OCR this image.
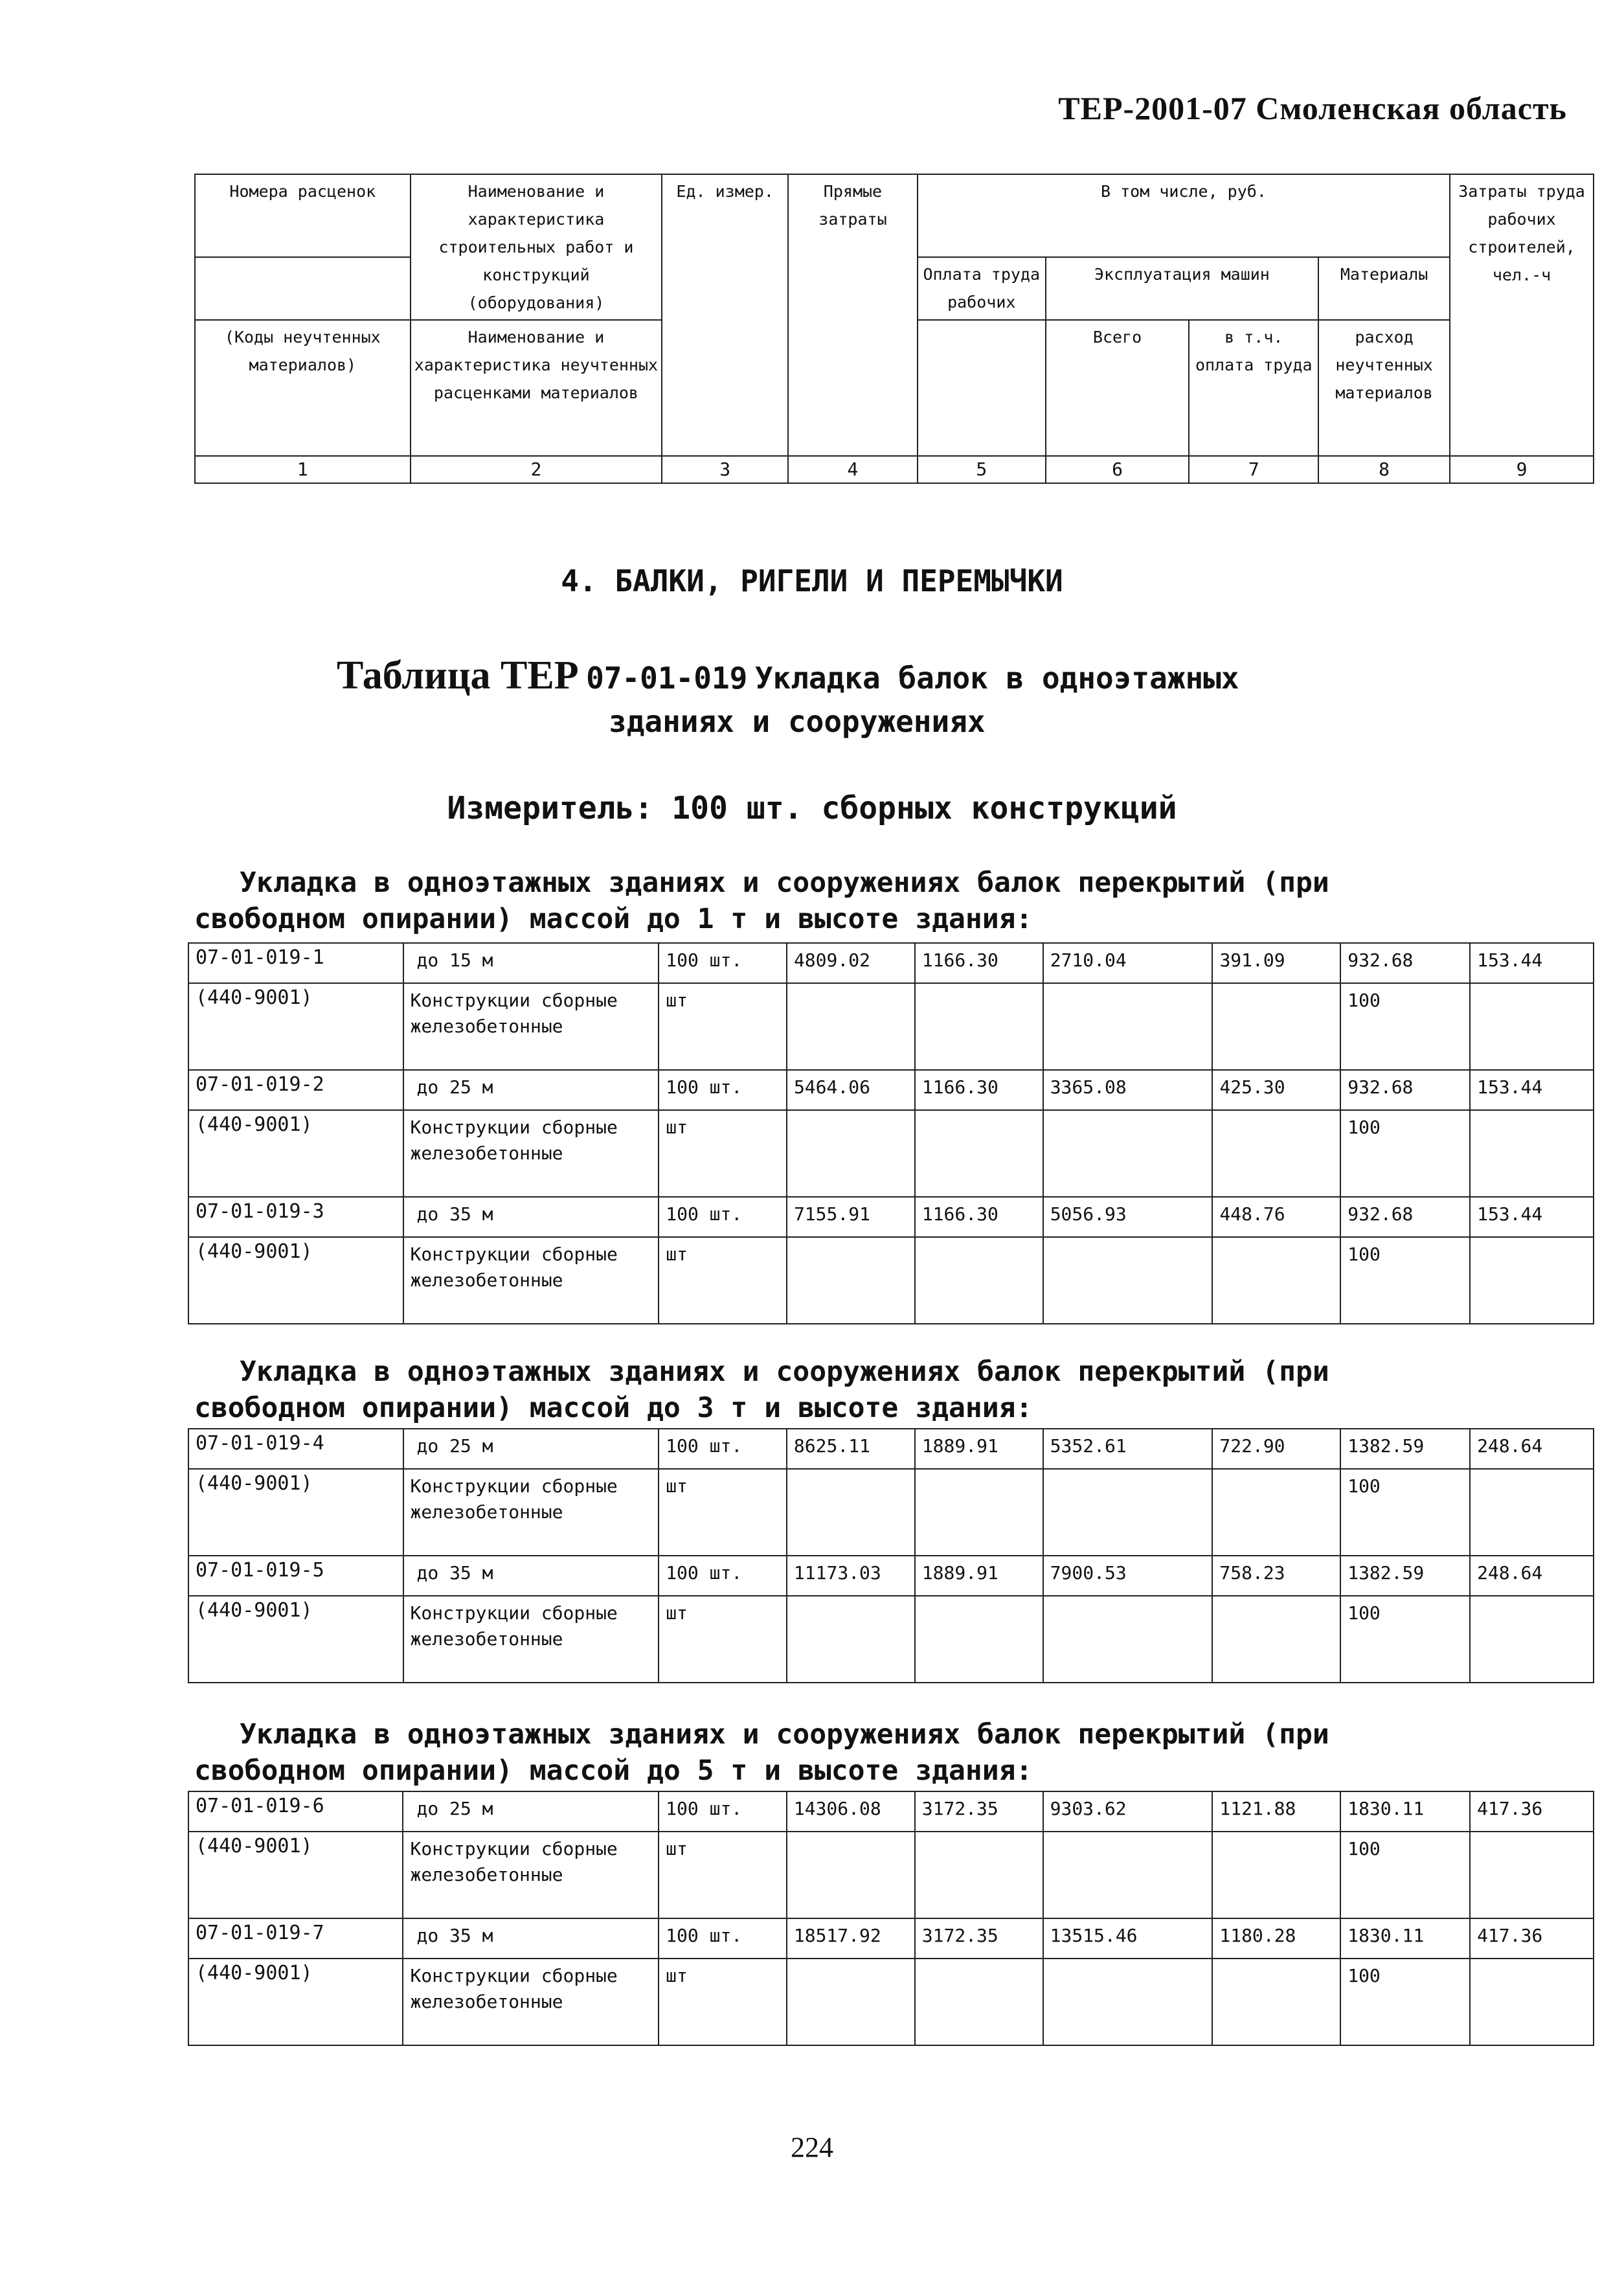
ТЕР-2001-07 Смоленская область
Номера расценок	Наименование и характеристика строительных работ и конструкций (оборудования)	Ед. измер.	Прямые затраты	В том числе, руб.				Затраты труда рабочих строителей, чел.-ч
				Оплата труда рабочих	Эксплуатация машин		Материалы	
(Коды неучтенных материалов)	Наименование и характеристика неучтенных расценками материалов							
					Всего	в т.ч. оплата труда	расход неучтенных материалов	
1	2	3	4	5	6	7	8	9
4. БАЛКИ, РИГЕЛИ И ПЕРЕМЫЧКИ
Таблица ТЕР 07-01-019 Укладка балок в одноэтажных
зданиях и сооружениях
Измеритель: 100 шт. сборных конструкций
Укладка в одноэтажных зданиях и сооружениях балок перекрытий (при
свободном опирании) массой до 1 т и высоте здания:
07-01-019-1	до 15 м	100 шт.	4809.02	1166.30	2710.04	391.09	932.68	153.44
(440-9001)	Конструкции сборные железобетонные	шт					100	
07-01-019-2	до 25 м	100 шт.	5464.06	1166.30	3365.08	425.30	932.68	153.44
(440-9001)	Конструкции сборные железобетонные	шт					100	
07-01-019-3	до 35 м	100 шт.	7155.91	1166.30	5056.93	448.76	932.68	153.44
(440-9001)	Конструкции сборные железобетонные	шт					100	
Укладка в одноэтажных зданиях и сооружениях балок перекрытий (при
свободном опирании) массой до 3 т и высоте здания:
07-01-019-4	до 25 м	100 шт.	8625.11	1889.91	5352.61	722.90	1382.59	248.64
(440-9001)	Конструкции сборные железобетонные	шт					100	
07-01-019-5	до 35 м	100 шт.	11173.03	1889.91	7900.53	758.23	1382.59	248.64
(440-9001)	Конструкции сборные железобетонные	шт					100	
Укладка в одноэтажных зданиях и сооружениях балок перекрытий (при
свободном опирании) массой до 5 т и высоте здания:
07-01-019-6	до 25 м	100 шт.	14306.08	3172.35	9303.62	1121.88	1830.11	417.36
(440-9001)	Конструкции сборные железобетонные	шт					100	
07-01-019-7	до 35 м	100 шт.	18517.92	3172.35	13515.46	1180.28	1830.11	417.36
(440-9001)	Конструкции сборные железобетонные	шт					100	
224
